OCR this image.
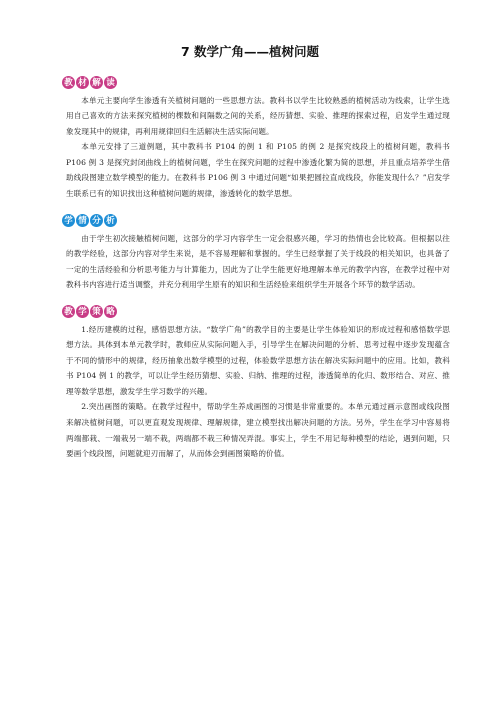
7 数学广角——植树问题
教 材 解 读

本单元主要向学生渗透有关植树问题的一些思想方法。教科书以学生比较熟悉的植树活动为线索，让学生选用自己喜欢的方法来探究植树的棵数和间隔数之间的关系，经历猜想、实验、推理的探索过程，启发学生通过现象发现其中的规律，再利用规律回归生活解决生活实际问题。

本单元安排了三道例题，其中教科书 P104 的例 1 和 P105 的例 2 是探究线段上的植树问题，教科书 P106 例 3 是探究封闭曲线上的植树问题，学生在探究问题的过程中渗透化繁为简的思想，并且重点培养学生借助线段图建立数学模型的能力。在教科书 P106 例 3 中通过问题“如果把圆拉直成线段，你能发现什么？”启发学生联系已有的知识找出这种植树问题的规律，渗透转化的数学思想。

学 情 分 析

由于学生初次接触植树问题，这部分的学习内容学生一定会很感兴趣，学习的热情也会比较高。但根据以往的教学经验，这部分内容对学生来说，是不容易理解和掌握的。学生已经掌握了关于线段的相关知识，也具备了一定的生活经验和分析思考能力与计算能力，因此为了让学生能更好地理解本单元的教学内容，在教学过程中对教科书内容进行适当调整，并充分利用学生原有的知识和生活经验来组织学生开展各个环节的数学活动。

教 学 策 略

1.经历建模的过程，感悟思想方法。“数学广角”的教学目的主要是让学生体验知识的形成过程和感悟数学思想方法。具体到本单元教学时，教师应从实际问题入手，引导学生在解决问题的分析、思考过程中逐步发现蕴含于不同的情形中的规律，经历抽象出数学模型的过程，体验数学思想方法在解决实际问题中的应用。比如，教科书 P104 例 1 的教学，可以让学生经历猜想、实验、归纳、推理的过程，渗透简单的化归、数形结合、对应、推理等数学思想，激发学生学习数学的兴趣。

2.突出画图的策略。在教学过程中，帮助学生养成画图的习惯是非常重要的。本单元通过画示意图或线段图来解决植树问题，可以更直观发现规律、理解规律，建立模型找出解决问题的方法。另外，学生在学习中容易将两端都栽、一端栽另一端不栽，两端都不栽三种情况弄混。事实上，学生不用记每种模型的结论，遇到问题，只要画个线段图，问题就迎刃而解了，从而体会到画图策略的价值。
